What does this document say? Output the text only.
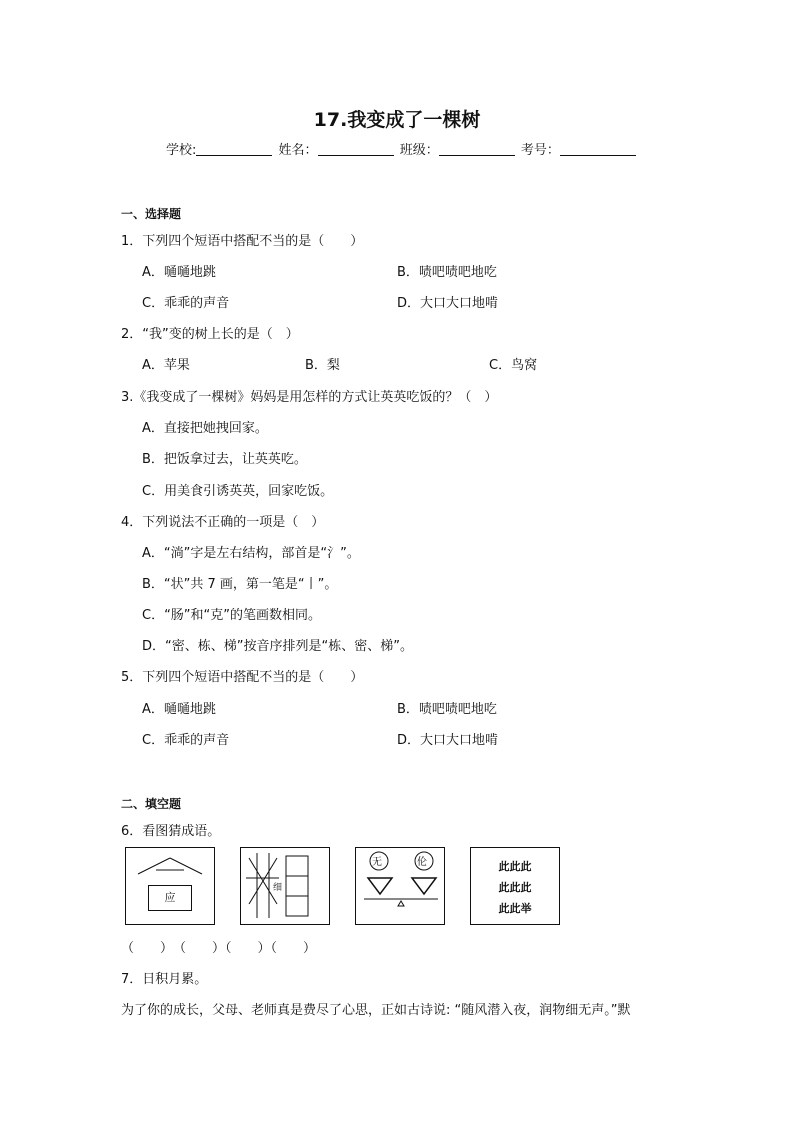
17.我变成了一棵树
学校:	姓名：	班级：	考号：
一、选择题
1．下列四个短语中搭配不当的是（　　）
A．嗵嗵地跳	B．啧吧啧吧地吃
C．乖乖的声音	D．大口大口地啃
2．“我”变的树上长的是（　）
A．苹果	B．梨	C．鸟窝
3.《我变成了一棵树》妈妈是用怎样的方式让英英吃饭的？（　）
A．直接把她拽回家。
B．把饭拿过去，让英英吃。
C．用美食引诱英英，回家吃饭。
4．下列说法不正确的一项是（　）
A．“淌”字是左右结构，部首是“氵”。
B．“状”共 7 画，第一笔是“丨”。
C．“肠”和“克”的笔画数相同。
D．“密、栋、梯”按音序排列是“栋、密、梯”。
5．下列四个短语中搭配不当的是（　　）
A．嗵嗵地跳	B．啧吧啧吧地吃
C．乖乖的声音	D．大口大口地啃
二、填空题
6．看图猜成语。
应
细
无	伦	此此此
此此此
此此举
（　　）　（　　）（　　）（　　）
7．日积月累。
为了你的成长，父母、老师真是费尽了心思，正如古诗说: “随风潜入夜，润物细无声。”默
